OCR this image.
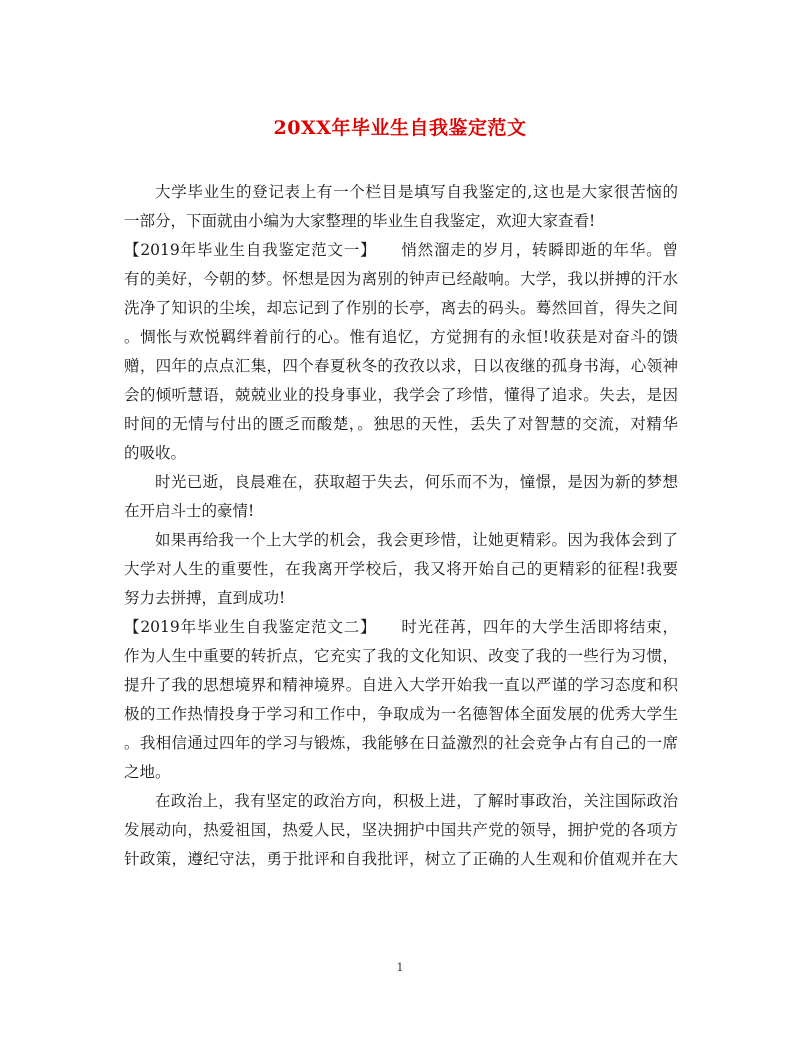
20XX年毕业生自我鉴定范文
大学毕业生的登记表上有一个栏目是填写自我鉴定的,这也是大家很苦恼的
一部分，下面就由小编为大家整理的毕业生自我鉴定，欢迎大家查看!
【2019年毕业生自我鉴定范文一】　　悄然溜走的岁月，转瞬即逝的年华。曾
有的美好，今朝的梦。怀想是因为离别的钟声已经敲响。大学，我以拼搏的汗水
洗净了知识的尘埃，却忘记到了作别的长亭，离去的码头。蓦然回首，得失之间
。惆怅与欢悦羁绊着前行的心。惟有追忆，方觉拥有的永恒!收获是对奋斗的馈
赠，四年的点点汇集，四个春夏秋冬的孜孜以求，日以夜继的孤身书海，心领神
会的倾听慧语，兢兢业业的投身事业，我学会了珍惜，懂得了追求。失去，是因
时间的无情与付出的匮乏而酸楚，。独思的天性，丢失了对智慧的交流，对精华
的吸收。
时光已逝，良晨难在，获取超于失去，何乐而不为，憧憬，是因为新的梦想
在开启斗士的豪情!
如果再给我一个上大学的机会，我会更珍惜，让她更精彩。因为我体会到了
大学对人生的重要性，在我离开学校后，我又将开始自己的更精彩的征程!我要
努力去拼搏，直到成功!
【2019年毕业生自我鉴定范文二】　　时光荏苒，四年的大学生活即将结束，
作为人生中重要的转折点，它充实了我的文化知识、改变了我的一些行为习惯，
提升了我的思想境界和精神境界。自进入大学开始我一直以严谨的学习态度和积
极的工作热情投身于学习和工作中，争取成为一名德智体全面发展的优秀大学生
。我相信通过四年的学习与锻炼，我能够在日益激烈的社会竞争占有自己的一席
之地。
在政治上，我有坚定的政治方向，积极上进，了解时事政治，关注国际政治
发展动向，热爱祖国，热爱人民，坚决拥护中国共产党的领导，拥护党的各项方
针政策，遵纪守法，勇于批评和自我批评，树立了正确的人生观和价值观并在大
1
